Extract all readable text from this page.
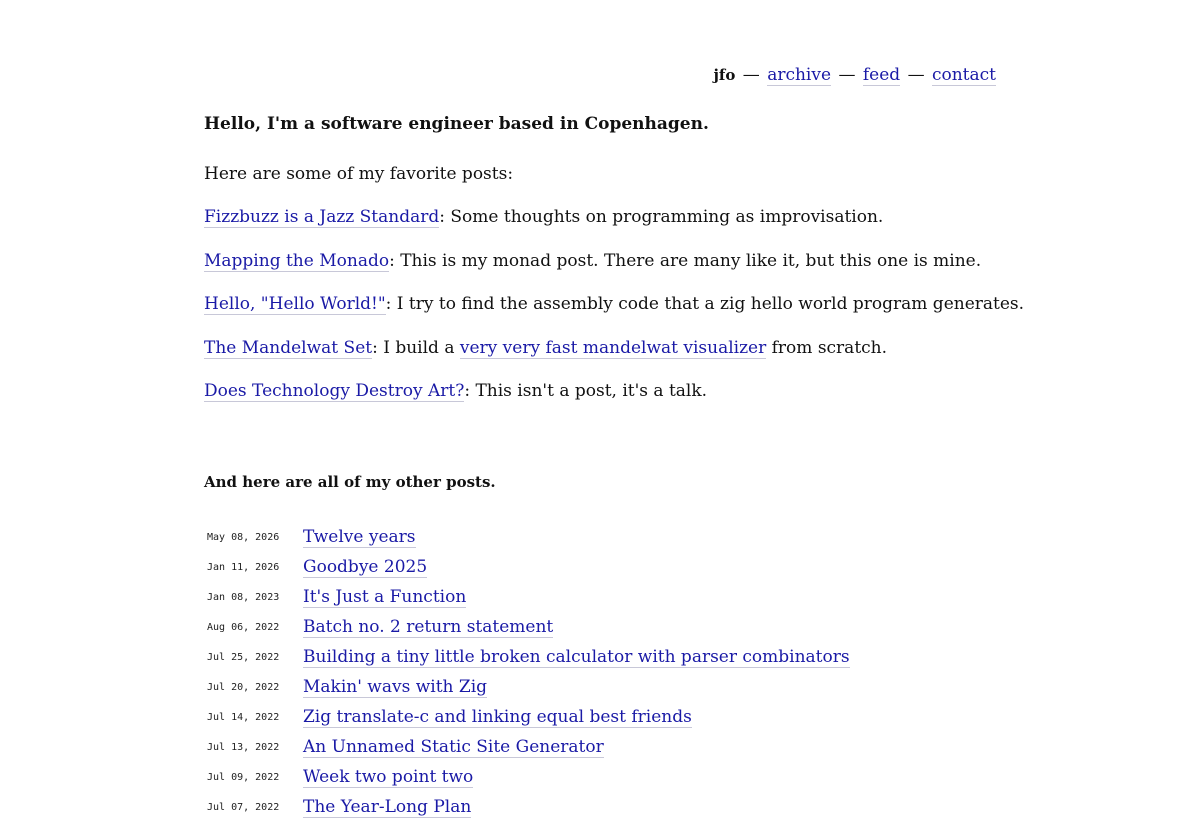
jfo — archive — feed — contact

Hello, I'm a software engineer based in Copenhagen.

Here are some of my favorite posts:

Fizzbuzz is a Jazz Standard: Some thoughts on programming as improvisation.
Mapping the Monado: This is my monad post. There are many like it, but this one is mine.
Hello, "Hello World!": I try to find the assembly code that a zig hello world program generates.
The Mandelwat Set: I build a very very fast mandelwat visualizer from scratch.
Does Technology Destroy Art?: This isn't a post, it's a talk.
And here are all of my other posts.
May 08, 2026	Twelve years
Jan 11, 2026	Goodbye 2025
Jan 08, 2023	It's Just a Function
Aug 06, 2022	Batch no. 2 return statement
Jul 25, 2022	Building a tiny little broken calculator with parser combinators
Jul 20, 2022	Makin' wavs with Zig
Jul 14, 2022	Zig translate-c and linking equal best friends
Jul 13, 2022	An Unnamed Static Site Generator
Jul 09, 2022	Week two point two
Jul 07, 2022	The Year-Long Plan
